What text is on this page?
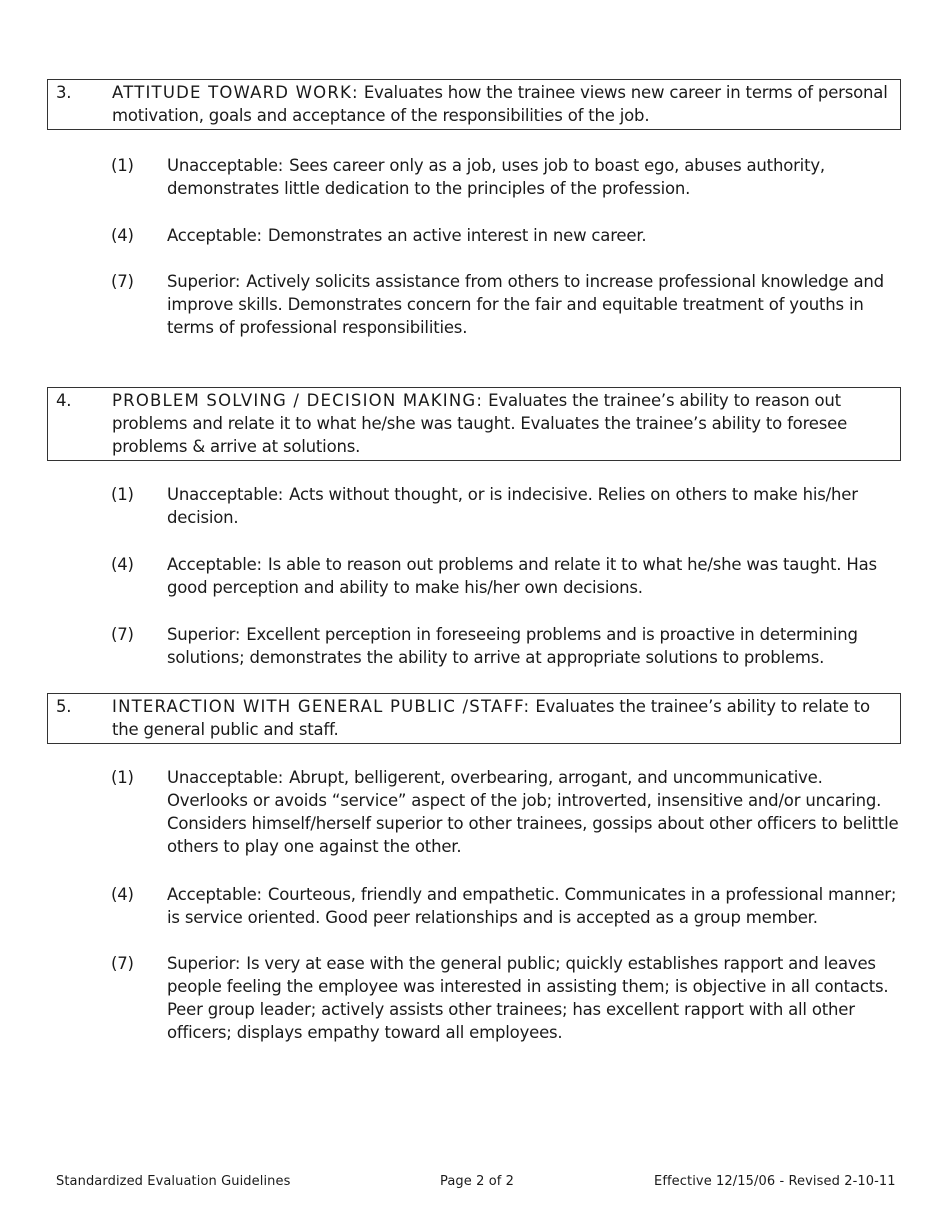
3. ATTITUDE TOWARD WORK: Evaluates how the trainee views new career in terms of personal motivation, goals and acceptance of the responsibilities of the job.
(1) Unacceptable: Sees career only as a job, uses job to boast ego, abuses authority, demonstrates little dedication to the principles of the profession.
(4) Acceptable: Demonstrates an active interest in new career.
(7) Superior: Actively solicits assistance from others to increase professional knowledge and improve skills. Demonstrates concern for the fair and equitable treatment of youths in terms of professional responsibilities.
4. PROBLEM SOLVING / DECISION MAKING: Evaluates the trainee’s ability to reason out problems and relate it to what he/she was taught. Evaluates the trainee’s ability to foresee problems & arrive at solutions.
(1) Unacceptable: Acts without thought, or is indecisive. Relies on others to make his/her decision.
(4) Acceptable: Is able to reason out problems and relate it to what he/she was taught. Has good perception and ability to make his/her own decisions.
(7) Superior: Excellent perception in foreseeing problems and is proactive in determining solutions; demonstrates the ability to arrive at appropriate solutions to problems.
5. INTERACTION WITH GENERAL PUBLIC /STAFF: Evaluates the trainee’s ability to relate to the general public and staff.
(1) Unacceptable: Abrupt, belligerent, overbearing, arrogant, and uncommunicative. Overlooks or avoids “service” aspect of the job; introverted, insensitive and/or uncaring. Considers himself/herself superior to other trainees, gossips about other officers to belittle others to play one against the other.
(4) Acceptable: Courteous, friendly and empathetic. Communicates in a professional manner; is service oriented. Good peer relationships and is accepted as a group member.
(7) Superior: Is very at ease with the general public; quickly establishes rapport and leaves people feeling the employee was interested in assisting them; is objective in all contacts. Peer group leader; actively assists other trainees; has excellent rapport with all other officers; displays empathy toward all employees.
Standardized Evaluation Guidelines	Page 2 of 2	Effective 12/15/06 - Revised 2-10-11
